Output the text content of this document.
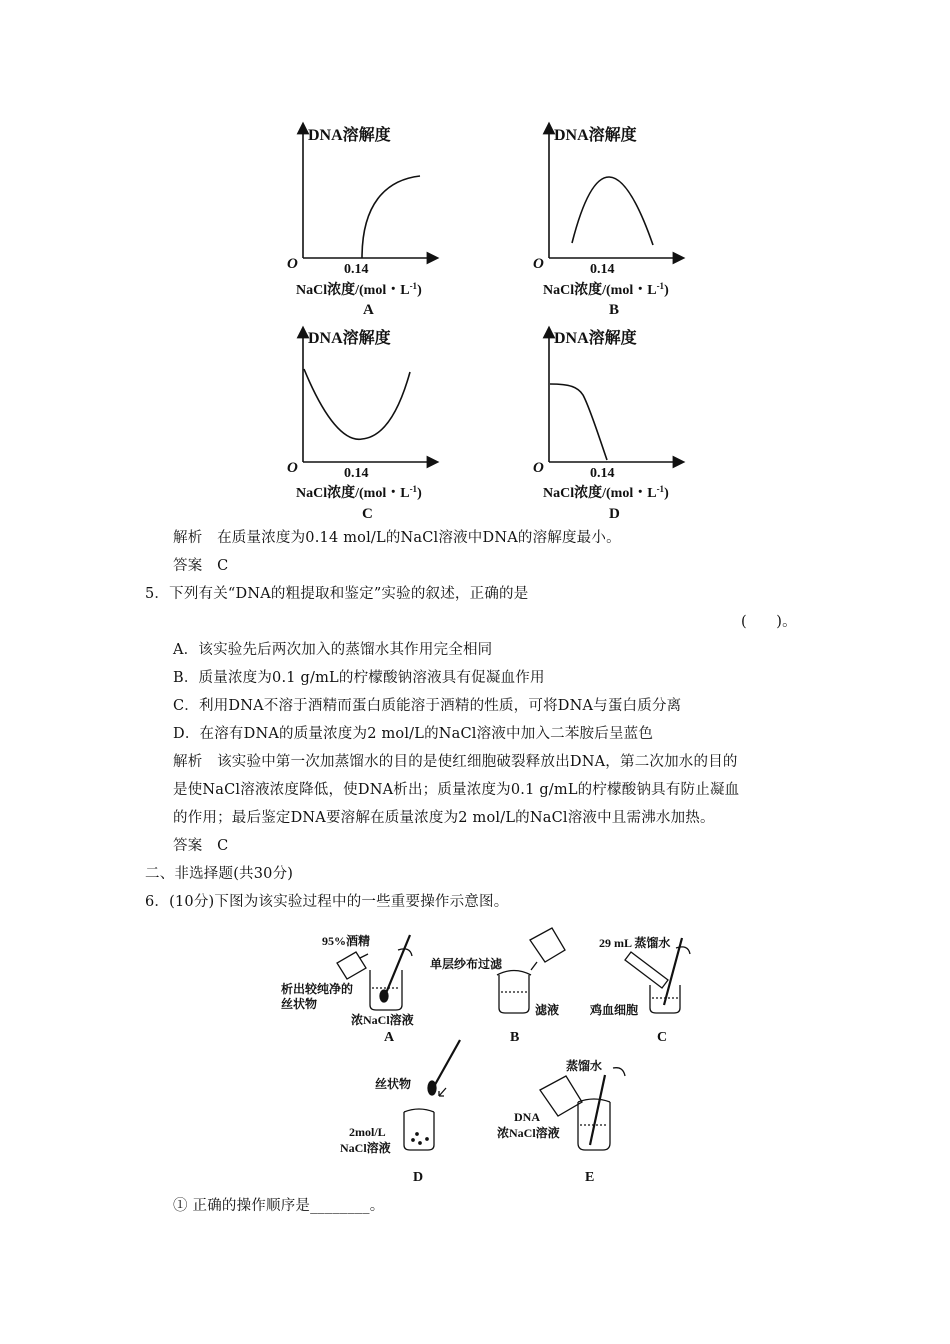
DNA溶解度
O	0.14
NaCl浓度/(mol・$L^{-1}$)
A
DNA溶解度
O	0.14
NaCl浓度/(mol・$L^{-1}$)
B
DNA溶解度
O	0.14
NaCl浓度/(mol・$L^{-1}$)
C
DNA溶解度
O	0.14
NaCl浓度/(mol・$L^{-1}$)
D
解析  在质量浓度为0.14 mol/L的NaCl溶液中DNA的溶解度最小。
答案  C
5．下列有关“DNA的粗提取和鉴定”实验的叙述，正确的是
(　　)。
A．该实验先后两次加入的蒸馏水其作用完全相同
B．质量浓度为0.1 g/mL的柠檬酸钠溶液具有促凝血作用
C．利用DNA不溶于酒精而蛋白质能溶于酒精的性质，可将DNA与蛋白质分离
D．在溶有DNA的质量浓度为2 mol/L的NaCl溶液中加入二苯胺后呈蓝色
解析  该实验中第一次加蒸馏水的目的是使红细胞破裂释放出DNA，第二次加水的目的
是使NaCl溶液浓度降低，使DNA析出；质量浓度为0.1 g/mL的柠檬酸钠具有防止凝血
的作用；最后鉴定DNA要溶解在质量浓度为2 mol/L的NaCl溶液中且需沸水加热。
答案  C
二、非选择题(共30分)
6．(10分)下图为该实验过程中的一些重要操作示意图。
95%酒精
析出较纯净的
丝状物
浓NaCl溶液
A
单层纱布过滤
滤液
B
29 mL 蒸馏水
鸡血细胞
C
丝状物
2mol/L
NaCl溶液
D
蒸馏水
DNA
浓NaCl溶液
E
① 正确的操作顺序是________。
